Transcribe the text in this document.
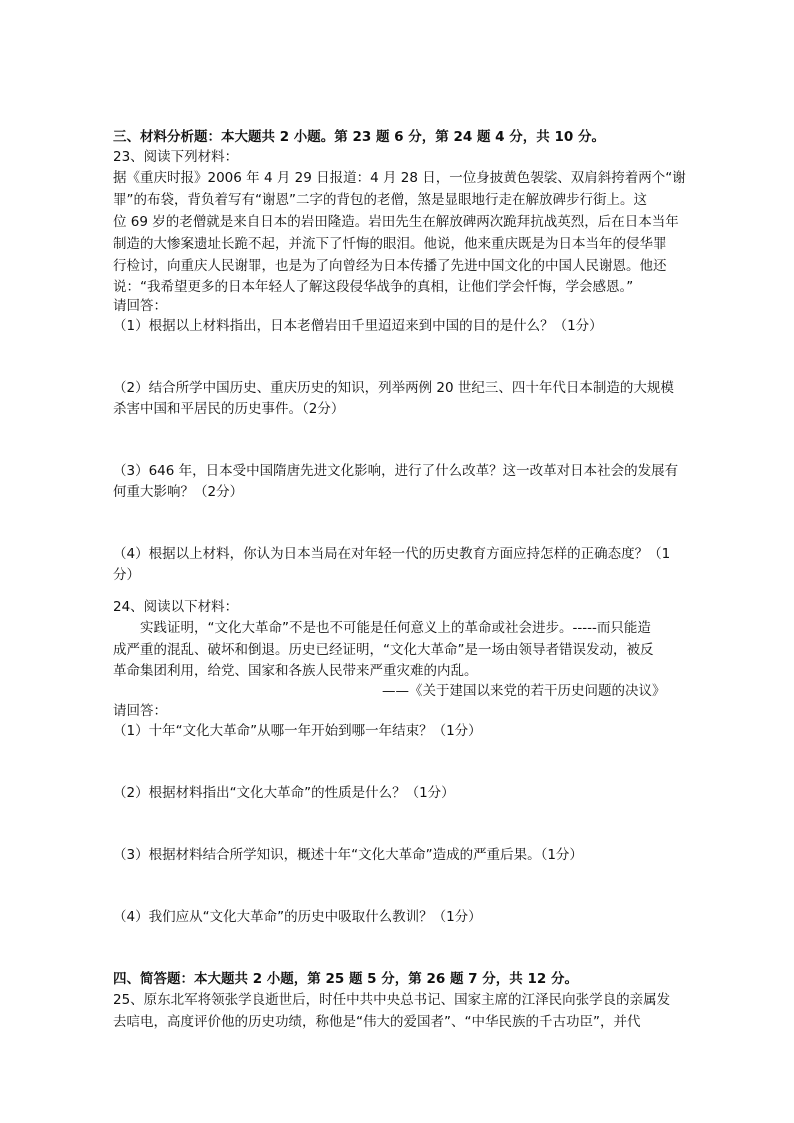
三、材料分析题：本大题共 2 小题。第 23 题 6 分，第 24 题 4 分，共 10 分。
23、阅读下列材料：
据《重庆时报》2006 年 4 月 29 日报道：4 月 28 日，一位身披黄色袈裟、双肩斜挎着两个“谢
罪”的布袋，背负着写有“谢恩”二字的背包的老僧，煞是显眼地行走在解放碑步行街上。这
位 69 岁的老僧就是来自日本的岩田隆造。岩田先生在解放碑两次跪拜抗战英烈，后在日本当年
制造的大惨案遗址长跪不起，并流下了忏悔的眼泪。他说，他来重庆既是为日本当年的侵华罪
行检讨，向重庆人民谢罪，也是为了向曾经为日本传播了先进中国文化的中国人民谢恩。他还
说：“我希望更多的日本年轻人了解这段侵华战争的真相，让他们学会忏悔，学会感恩。”
请回答：
（1）根据以上材料指出，日本老僧岩田千里迢迢来到中国的目的是什么？（1分）
（2）结合所学中国历史、重庆历史的知识，列举两例 20 世纪三、四十年代日本制造的大规模
杀害中国和平居民的历史事件。（2分）
（3）646 年，日本受中国隋唐先进文化影响，进行了什么改革？这一改革对日本社会的发展有
何重大影响？（2分）
（4）根据以上材料，你认为日本当局在对年轻一代的历史教育方面应持怎样的正确态度？（1
分）
24、阅读以下材料：
实践证明，“文化大革命”不是也不可能是任何意义上的革命或社会进步。-----而只能造
成严重的混乱、破坏和倒退。历史已经证明，“文化大革命”是一场由领导者错误发动，被反
革命集团利用，给党、国家和各族人民带来严重灾难的内乱。
——《关于建国以来党的若干历史问题的决议》
请回答：
（1）十年“文化大革命”从哪一年开始到哪一年结束？（1分）
（2）根据材料指出“文化大革命”的性质是什么？（1分）
（3）根据材料结合所学知识，概述十年“文化大革命”造成的严重后果。（1分）
（4）我们应从“文化大革命”的历史中吸取什么教训？（1分）
四、简答题：本大题共 2 小题，第 25 题 5 分，第 26 题 7 分，共 12 分。
25、原东北军将领张学良逝世后，时任中共中央总书记、国家主席的江泽民向张学良的亲属发
去唁电，高度评价他的历史功绩，称他是“伟大的爱国者”、“中华民族的千古功臣”，并代
